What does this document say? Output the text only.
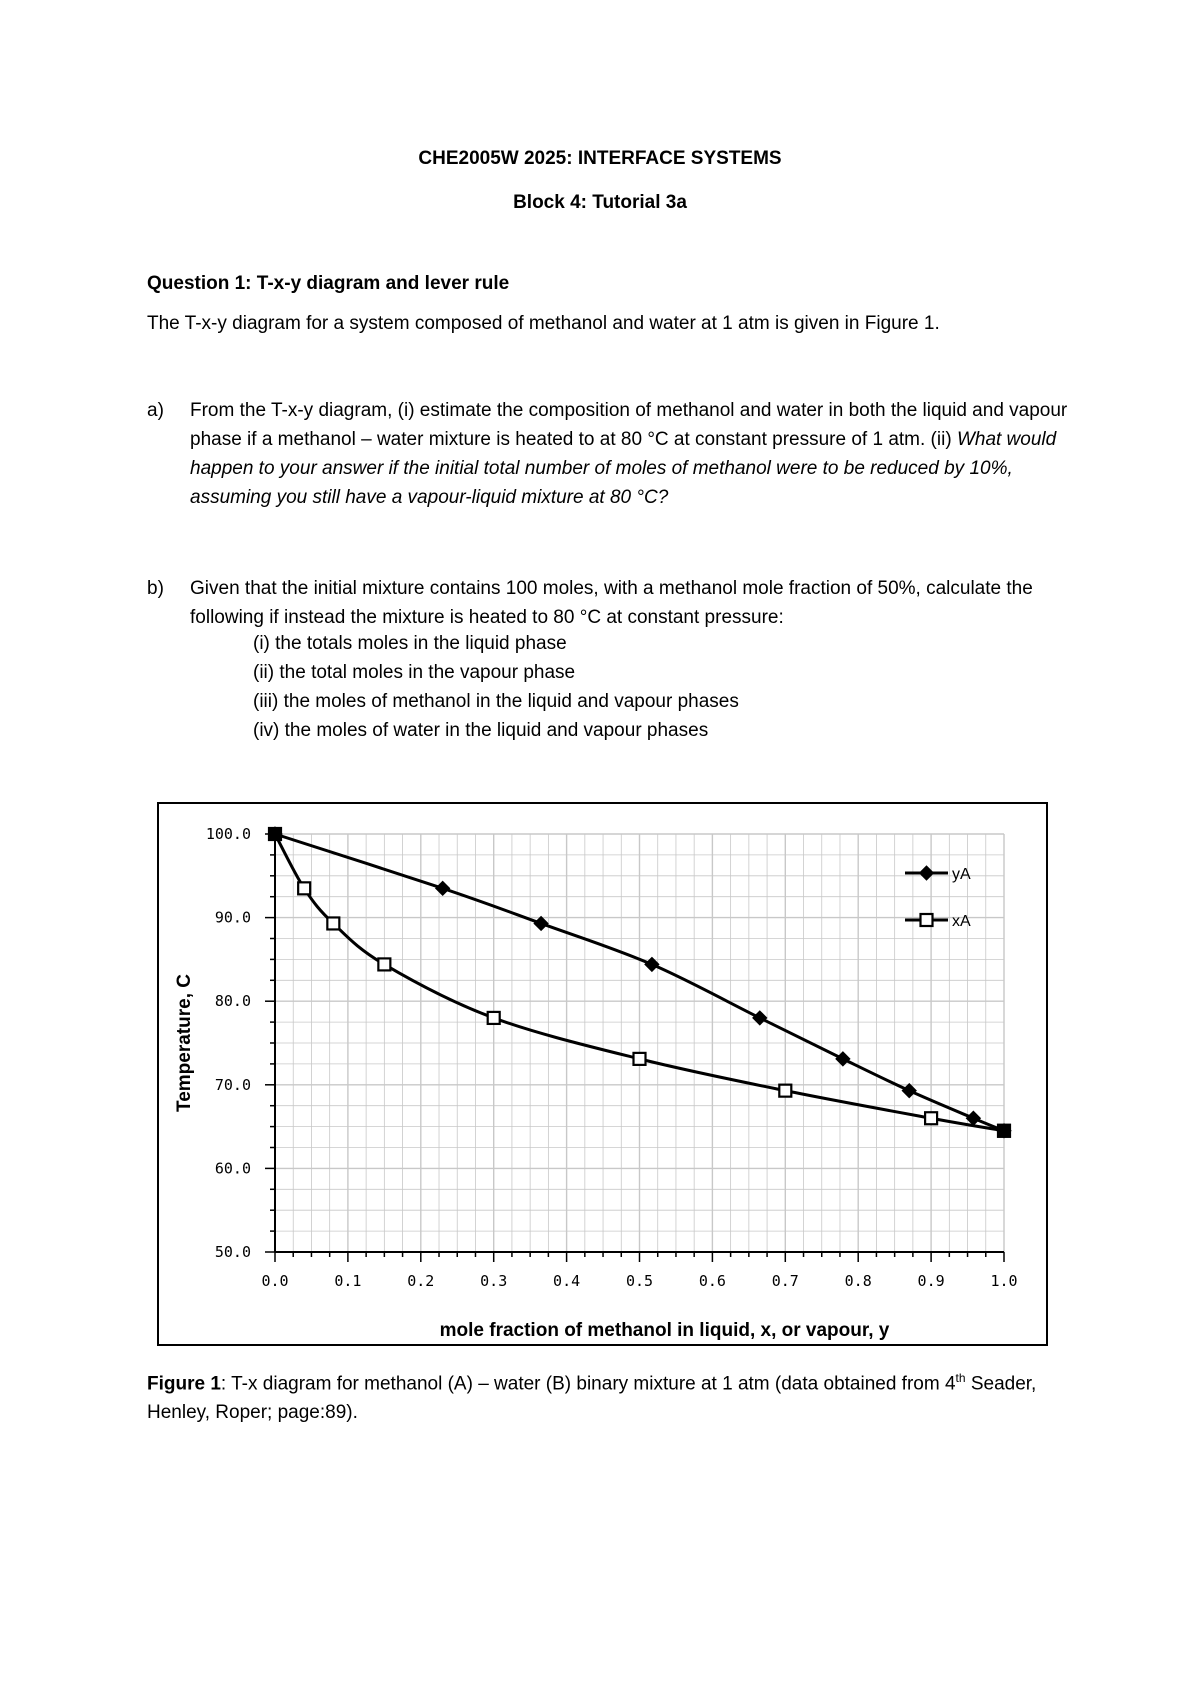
CHE2005W 2025: INTERFACE SYSTEMS
Block 4: Tutorial 3a
Question 1: T-x-y diagram and lever rule
The T-x-y diagram for a system composed of methanol and water at 1 atm is given in Figure 1.
a) From the T-x-y diagram, (i) estimate the composition of methanol and water in both the liquid and vapour phase if a methanol – water mixture is heated to at 80 °C at constant pressure of 1 atm. (ii) What would happen to your answer if the initial total number of moles of methanol were to be reduced by 10%, assuming you still have a vapour-liquid mixture at 80 °C?
b) Given that the initial mixture contains 100 moles, with a methanol mole fraction of 50%, calculate the following if instead the mixture is heated to 80 °C at constant pressure:
(i) the totals moles in the liquid phase
(ii) the total moles in the vapour phase
(iii) the moles of methanol in the liquid and vapour phases
(iv) the moles of water in the liquid and vapour phases
0.0	0.1	0.2	0.3	0.4	0.5	0.6	0.7	0.8	0.9	1.0
50.0
60.0
70.0
80.0
90.0
100.0
mole fraction of methanol in liquid, x, or vapour, y
Temperature, C
yA
xA
Figure 1: T-x diagram for methanol (A) – water (B) binary mixture at 1 atm (data obtained from 4th Seader, Henley, Roper; page:89).
